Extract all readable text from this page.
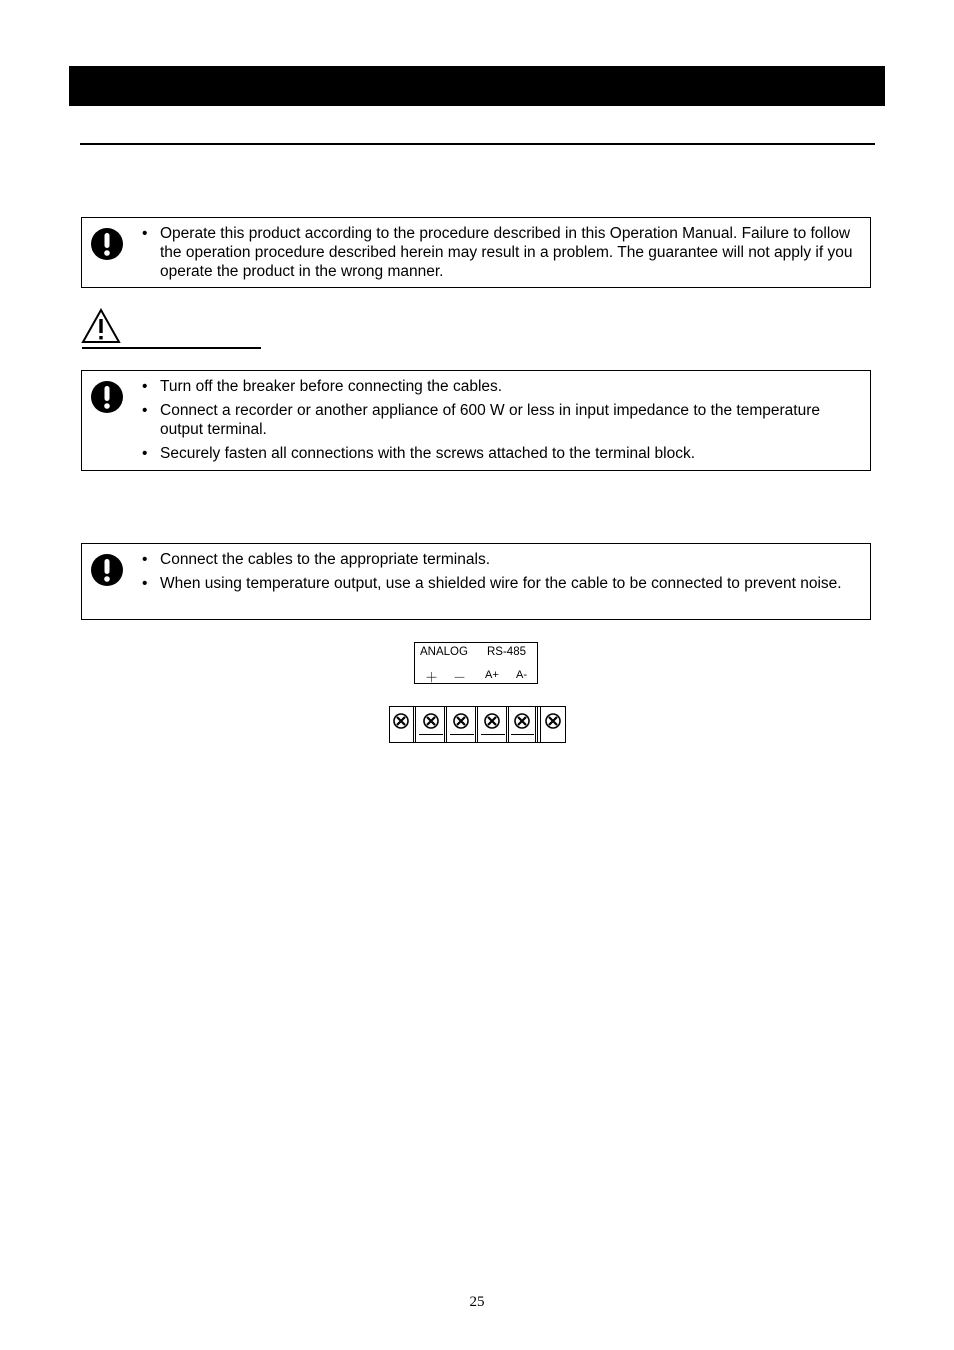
• Operate this product according to the procedure described in this Operation Manual. Failure to follow the operation procedure described herein may result in a problem. The guarantee will not apply if you operate the product in the wrong manner.
• Turn off the breaker before connecting the cables.
• Connect a recorder or another appliance of 600 W or less in input impedance to the temperature output terminal.
• Securely fasten all connections with the screws attached to the terminal block.
• Connect the cables to the appropriate terminals.
• When using temperature output, use a shielded wire for the cable to be connected to prevent noise.
ANALOG RS-485
＋ － A+ A-
25
